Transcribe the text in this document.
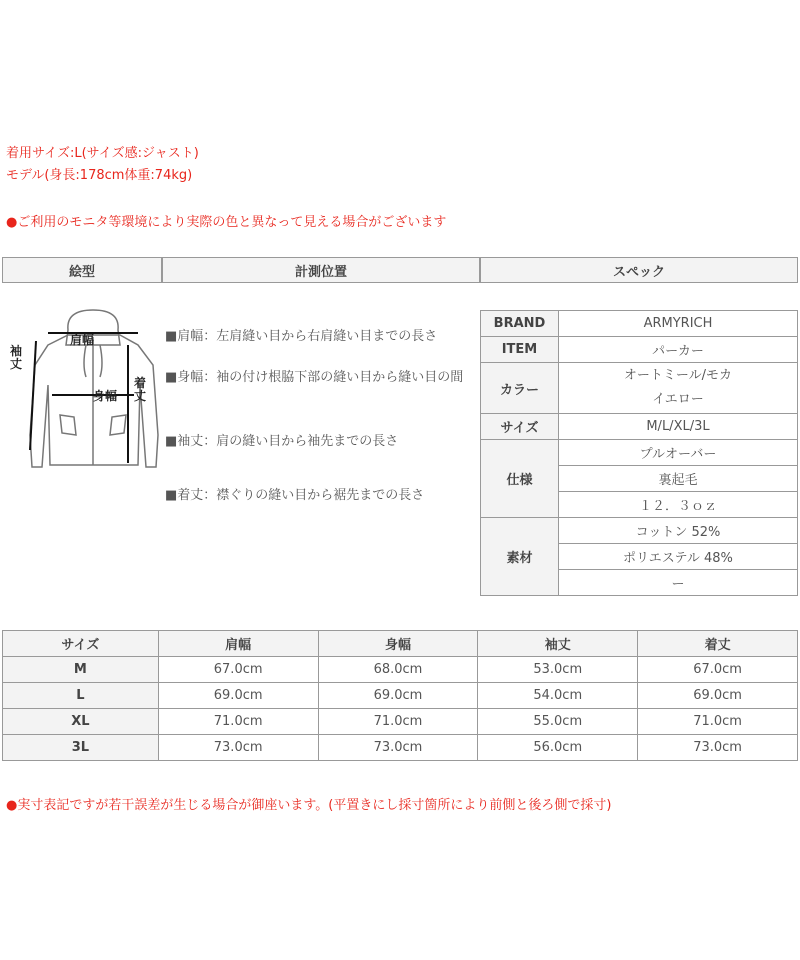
着用サイズ:L(サイズ感:ジャスト)
モデル(身長:178cm体重:74kg)
●ご利用のモニタ等環境により実際の色と異なって見える場合がございます
絵型	計測位置	スペック
肩幅
身幅
袖
丈
着
丈
■肩幅：左肩縫い目から右肩縫い目までの長さ
■身幅：袖の付け根脇下部の縫い目から縫い目の間
■袖丈：肩の縫い目から袖先までの長さ
■着丈：襟ぐりの縫い目から裾先までの長さ
BRAND	ARMYRICH
ITEM	パーカー
カラー	オートミール/モカ
イエロー

サイズ	M/L/XL/3L
仕様	プルオーバー
	裏起毛
	１２．３ｏｚ
素材	コットン 52%
	ポリエステル 48%
	ー
サイズ	肩幅	身幅	袖丈	着丈
M	67.0cm	68.0cm	53.0cm	67.0cm
L	69.0cm	69.0cm	54.0cm	69.0cm
XL	71.0cm	71.0cm	55.0cm	71.0cm
3L	73.0cm	73.0cm	56.0cm	73.0cm
●実寸表記ですが若干誤差が生じる場合が御座います。(平置きにし採寸箇所により前側と後ろ側で採寸)
